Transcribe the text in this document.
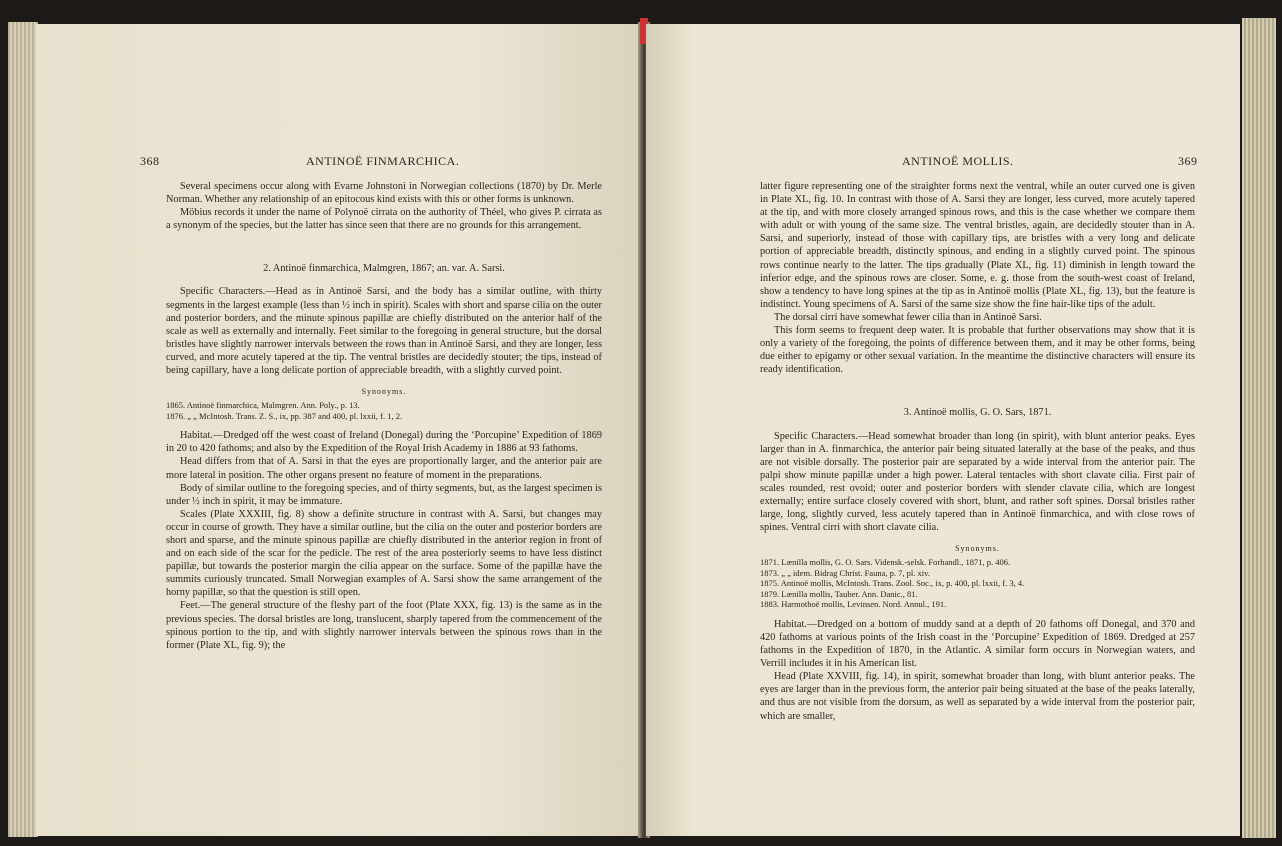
368	ANTINOË FINMARCHICA.

Several specimens occur along with Evarne Johnstoni in Norwegian collections (1870) by Dr. Merle Norman. Whether any relationship of an epitocous kind exists with this or other forms is unknown.

Möbius records it under the name of Polynoë cirrata on the authority of Théel, who gives P. cirrata as a synonym of the species, but the latter has since seen that there are no grounds for this arrangement.

2. Antinoë finmarchica, Malmgren, 1867; an. var. A. Sarsi.

Specific Characters.—Head as in Antinoë Sarsi, and the body has a similar outline, with thirty segments in the largest example (less than ½ inch in spirit). Scales with short and sparse cilia on the outer and posterior borders, and the minute spinous papillæ are chiefly distributed on the anterior half of the scale as well as externally and internally. Feet similar to the foregoing in general structure, but the dorsal bristles have slightly narrower intervals between the rows than in Antinoë Sarsi, and they are longer, less curved, and more acutely tapered at the tip. The ventral bristles are decidedly stouter; the tips, instead of being capillary, have a long delicate portion of appreciable breadth, with a slightly curved point.

Synonyms.

1865. Antinoë finmarchica, Malmgren. Ann. Poly., p. 13.

1876. „ „ McIntosh. Trans. Z. S., ix, pp. 387 and 400, pl. lxxii, f. 1, 2.

Habitat.—Dredged off the west coast of Ireland (Donegal) during the ‘Porcupine’ Expedition of 1869 in 20 to 420 fathoms; and also by the Expedition of the Royal Irish Academy in 1886 at 93 fathoms.

Head differs from that of A. Sarsi in that the eyes are proportionally larger, and the anterior pair are more lateral in position. The other organs present no feature of moment in the preparations.

Body of similar outline to the foregoing species, and of thirty segments, but, as the largest specimen is under ½ inch in spirit, it may be immature.

Scales (Plate XXXIII, fig. 8) show a definite structure in contrast with A. Sarsi, but changes may occur in course of growth. They have a similar outline, but the cilia on the outer and posterior borders are short and sparse, and the minute spinous papillæ are chiefly distributed in the anterior region in front of and on each side of the scar for the pedicle. The rest of the area posteriorly seems to have less distinct papillæ, but towards the posterior margin the cilia appear on the surface. Some of the papillæ have the summits curiously truncated. Small Norwegian examples of A. Sarsi show the same arrangement of the horny papillæ, so that the question is still open.

Feet.—The general structure of the fleshy part of the foot (Plate XXX, fig. 13) is the same as in the previous species. The dorsal bristles are long, translucent, sharply tapered from the commencement of the spinous portion to the tip, and with slightly narrower intervals between the spinous rows than in the former (Plate XL, fig. 9); the

ANTINOË MOLLIS.	369

latter figure representing one of the straighter forms next the ventral, while an outer curved one is given in Plate XL, fig. 10. In contrast with those of A. Sarsi they are longer, less curved, more acutely tapered at the tip, and with more closely arranged spinous rows, and this is the case whether we compare them with adult or with young of the same size. The ventral bristles, again, are decidedly stouter than in A. Sarsi, and superiorly, instead of those with capillary tips, are bristles with a very long and delicate portion of appreciable breadth, distinctly spinous, and ending in a slightly curved point. The spinous rows continue nearly to the latter. The tips gradually (Plate XL, fig. 11) diminish in length toward the inferior edge, and the spinous rows are closer. Some, e. g. those from the south-west coast of Ireland, show a tendency to have long spines at the tip as in Antinoë mollis (Plate XL, fig. 13), but the feature is indistinct. Young specimens of A. Sarsi of the same size show the fine hair-like tips of the adult.

The dorsal cirri have somewhat fewer cilia than in Antinoë Sarsi.

This form seems to frequent deep water. It is probable that further observations may show that it is only a variety of the foregoing, the points of difference between them, and it may be other forms, being due either to epigamy or other sexual variation. In the meantime the distinctive characters will ensure its ready identification.

3. Antinoë mollis, G. O. Sars, 1871.

Specific Characters.—Head somewhat broader than long (in spirit), with blunt anterior peaks. Eyes larger than in A. finmarchica, the anterior pair being situated laterally at the base of the peaks, and thus are not visible dorsally. The posterior pair are separated by a wide interval from the anterior pair. The palpi show minute papillæ under a high power. Lateral tentacles with short clavate cilia. First pair of scales rounded, rest ovoid; outer and posterior borders with slender clavate cilia, which are longest externally; entire surface closely covered with short, blunt, and rather soft spines. Dorsal bristles rather large, long, slightly curved, less acutely tapered than in Antinoë finmarchica, and with close rows of spines. Ventral cirri with short clavate cilia.

Synonyms.

1871. Lænilla mollis, G. O. Sars. Vidensk.-selsk. Forhandl., 1871, p. 406.

1873. „ „ idem. Bidrag Christ. Fauna, p. 7, pl. xiv.

1875. Antinoë mollis, McIntosh. Trans. Zool. Soc., ix, p. 400, pl. lxxii, f. 3, 4.

1879. Lænilla mollis, Tauber. Ann. Danic., 81.

1883. Harmothoë mollis, Levinsen. Nord. Annul., 191.

Habitat.—Dredged on a bottom of muddy sand at a depth of 20 fathoms off Donegal, and 370 and 420 fathoms at various points of the Irish coast in the ‘Porcupine’ Expedition of 1869. Dredged at 257 fathoms in the Expedition of 1870, in the Atlantic. A similar form occurs in Norwegian waters, and Verrill includes it in his American list.

Head (Plate XXVIII, fig. 14), in spirit, somewhat broader than long, with blunt anterior peaks. The eyes are larger than in the previous form, the anterior pair being situated at the base of the peaks laterally, and thus are not visible from the dorsum, as well as separated by a wide interval from the posterior pair, which are smaller,
